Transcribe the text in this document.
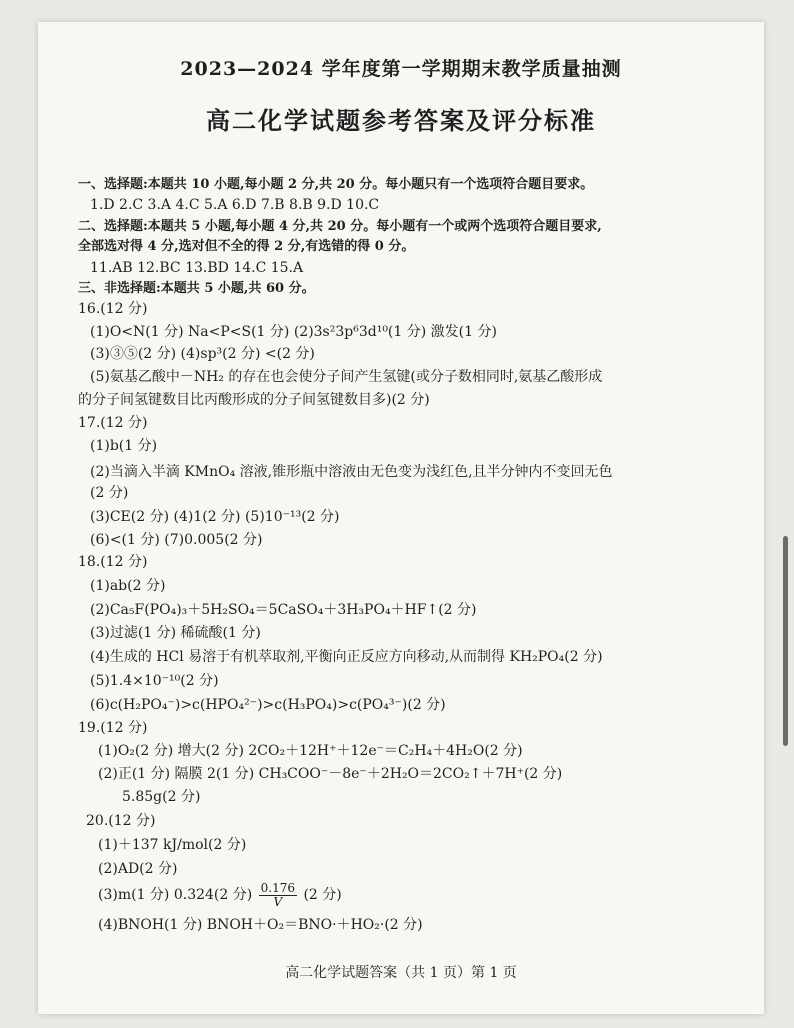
2023—2024 学年度第一学期期末教学质量抽测
高二化学试题参考答案及评分标准
一、选择题:本题共 10 小题,每小题 2 分,共 20 分。每小题只有一个选项符合题目要求。
1.D 2.C 3.A 4.C 5.A 6.D 7.B 8.B 9.D 10.C
二、选择题:本题共 5 小题,每小题 4 分,共 20 分。每小题有一个或两个选项符合题目要求,
全部选对得 4 分,选对但不全的得 2 分,有选错的得 0 分。
11.AB 12.BC 13.BD 14.C 15.A
三、非选择题:本题共 5 小题,共 60 分。
16.(12 分)
(1)O<N(1 分) Na<P<S(1 分) (2)3s²3p⁶3d¹⁰(1 分) 激发(1 分)
(3)③⑤(2 分) (4)sp³(2 分) <(2 分)
(5)氨基乙酸中－NH₂ 的存在也会使分子间产生氢键(或分子数相同时,氨基乙酸形成
的分子间氢键数目比丙酸形成的分子间氢键数目多)(2 分)
17.(12 分)
(1)b(1 分)
(2)当滴入半滴 KMnO₄ 溶液,锥形瓶中溶液由无色变为浅红色,且半分钟内不变回无色
(2 分)
(3)CE(2 分) (4)1(2 分) (5)10⁻¹³(2 分)
(6)<(1 分) (7)0.005(2 分)
18.(12 分)
(1)ab(2 分)
(2)Ca₅F(PO₄)₃＋5H₂SO₄＝5CaSO₄＋3H₃PO₄＋HF↑(2 分)
(3)过滤(1 分) 稀硫酸(1 分)
(4)生成的 HCl 易溶于有机萃取剂,平衡向正反应方向移动,从而制得 KH₂PO₄(2 分)
(5)1.4×10⁻¹⁰(2 分)
(6)c(H₂PO₄⁻)>c(HPO₄²⁻)>c(H₃PO₄)>c(PO₄³⁻)(2 分)
19.(12 分)
(1)O₂(2 分) 增大(2 分) 2CO₂＋12H⁺＋12e⁻＝C₂H₄＋4H₂O(2 分)
(2)正(1 分) 隔膜 2(1 分) CH₃COO⁻－8e⁻＋2H₂O＝2CO₂↑＋7H⁺(2 分)
5.85g(2 分)
20.(12 分)
(1)＋137 kJ/mol(2 分)
(2)AD(2 分)
(3)m(1 分) 0.324(2 分) $\frac{0.176}{V} (2$ 分)
(4)BNOH(1 分) BNOH＋O₂＝BNO·＋HO₂·(2 分)
高二化学试题答案（共 1 页）第 1 页
